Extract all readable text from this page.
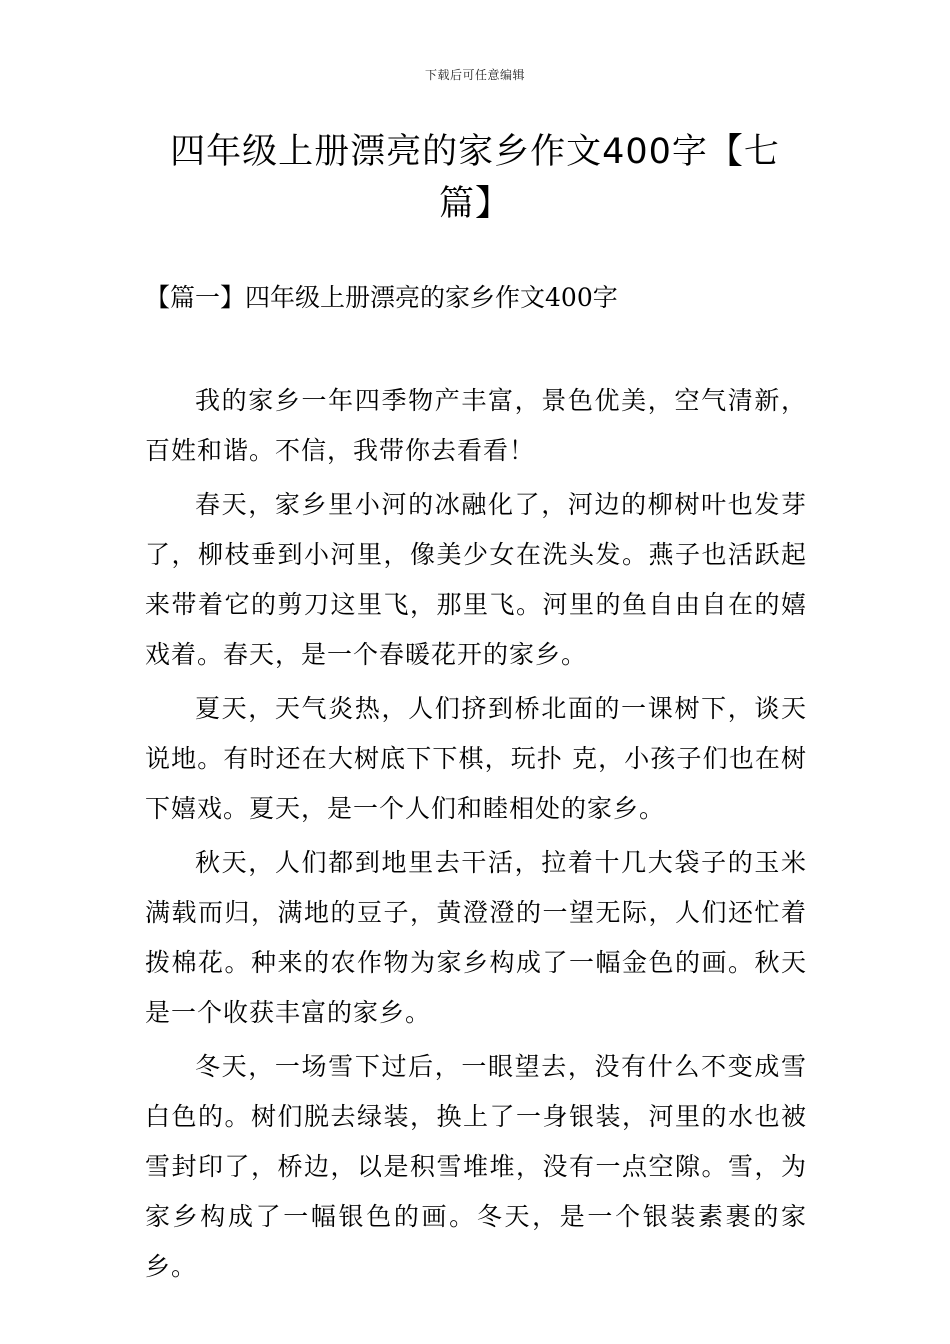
下载后可任意编辑
四年级上册漂亮的家乡作文400字【七篇】
【篇一】四年级上册漂亮的家乡作文400字

我的家乡一年四季物产丰富，景色优美，空气清新，百姓和谐。不信，我带你去看看！

春天，家乡里小河的冰融化了，河边的柳树叶也发芽了，柳枝垂到小河里，像美少女在洗头发。燕子也活跃起来带着它的剪刀这里飞，那里飞。河里的鱼自由自在的嬉戏着。春天，是一个春暖花开的家乡。

夏天，天气炎热，人们挤到桥北面的一课树下，谈天说地。有时还在大树底下下棋，玩扑 克，小孩子们也在树下嬉戏。夏天，是一个人们和睦相处的家乡。

秋天，人们都到地里去干活，拉着十几大袋子的玉米满载而归，满地的豆子，黄澄澄的一望无际，人们还忙着拨棉花。种来的农作物为家乡构成了一幅金色的画。秋天是一个收获丰富的家乡。

冬天，一场雪下过后，一眼望去，没有什么不变成雪白色的。树们脱去绿装，换上了一身银装，河里的水也被雪封印了，桥边，以是积雪堆堆，没有一点空隙。雪，为家乡构成了一幅银色的画。冬天，是一个银装素裹的家乡。
